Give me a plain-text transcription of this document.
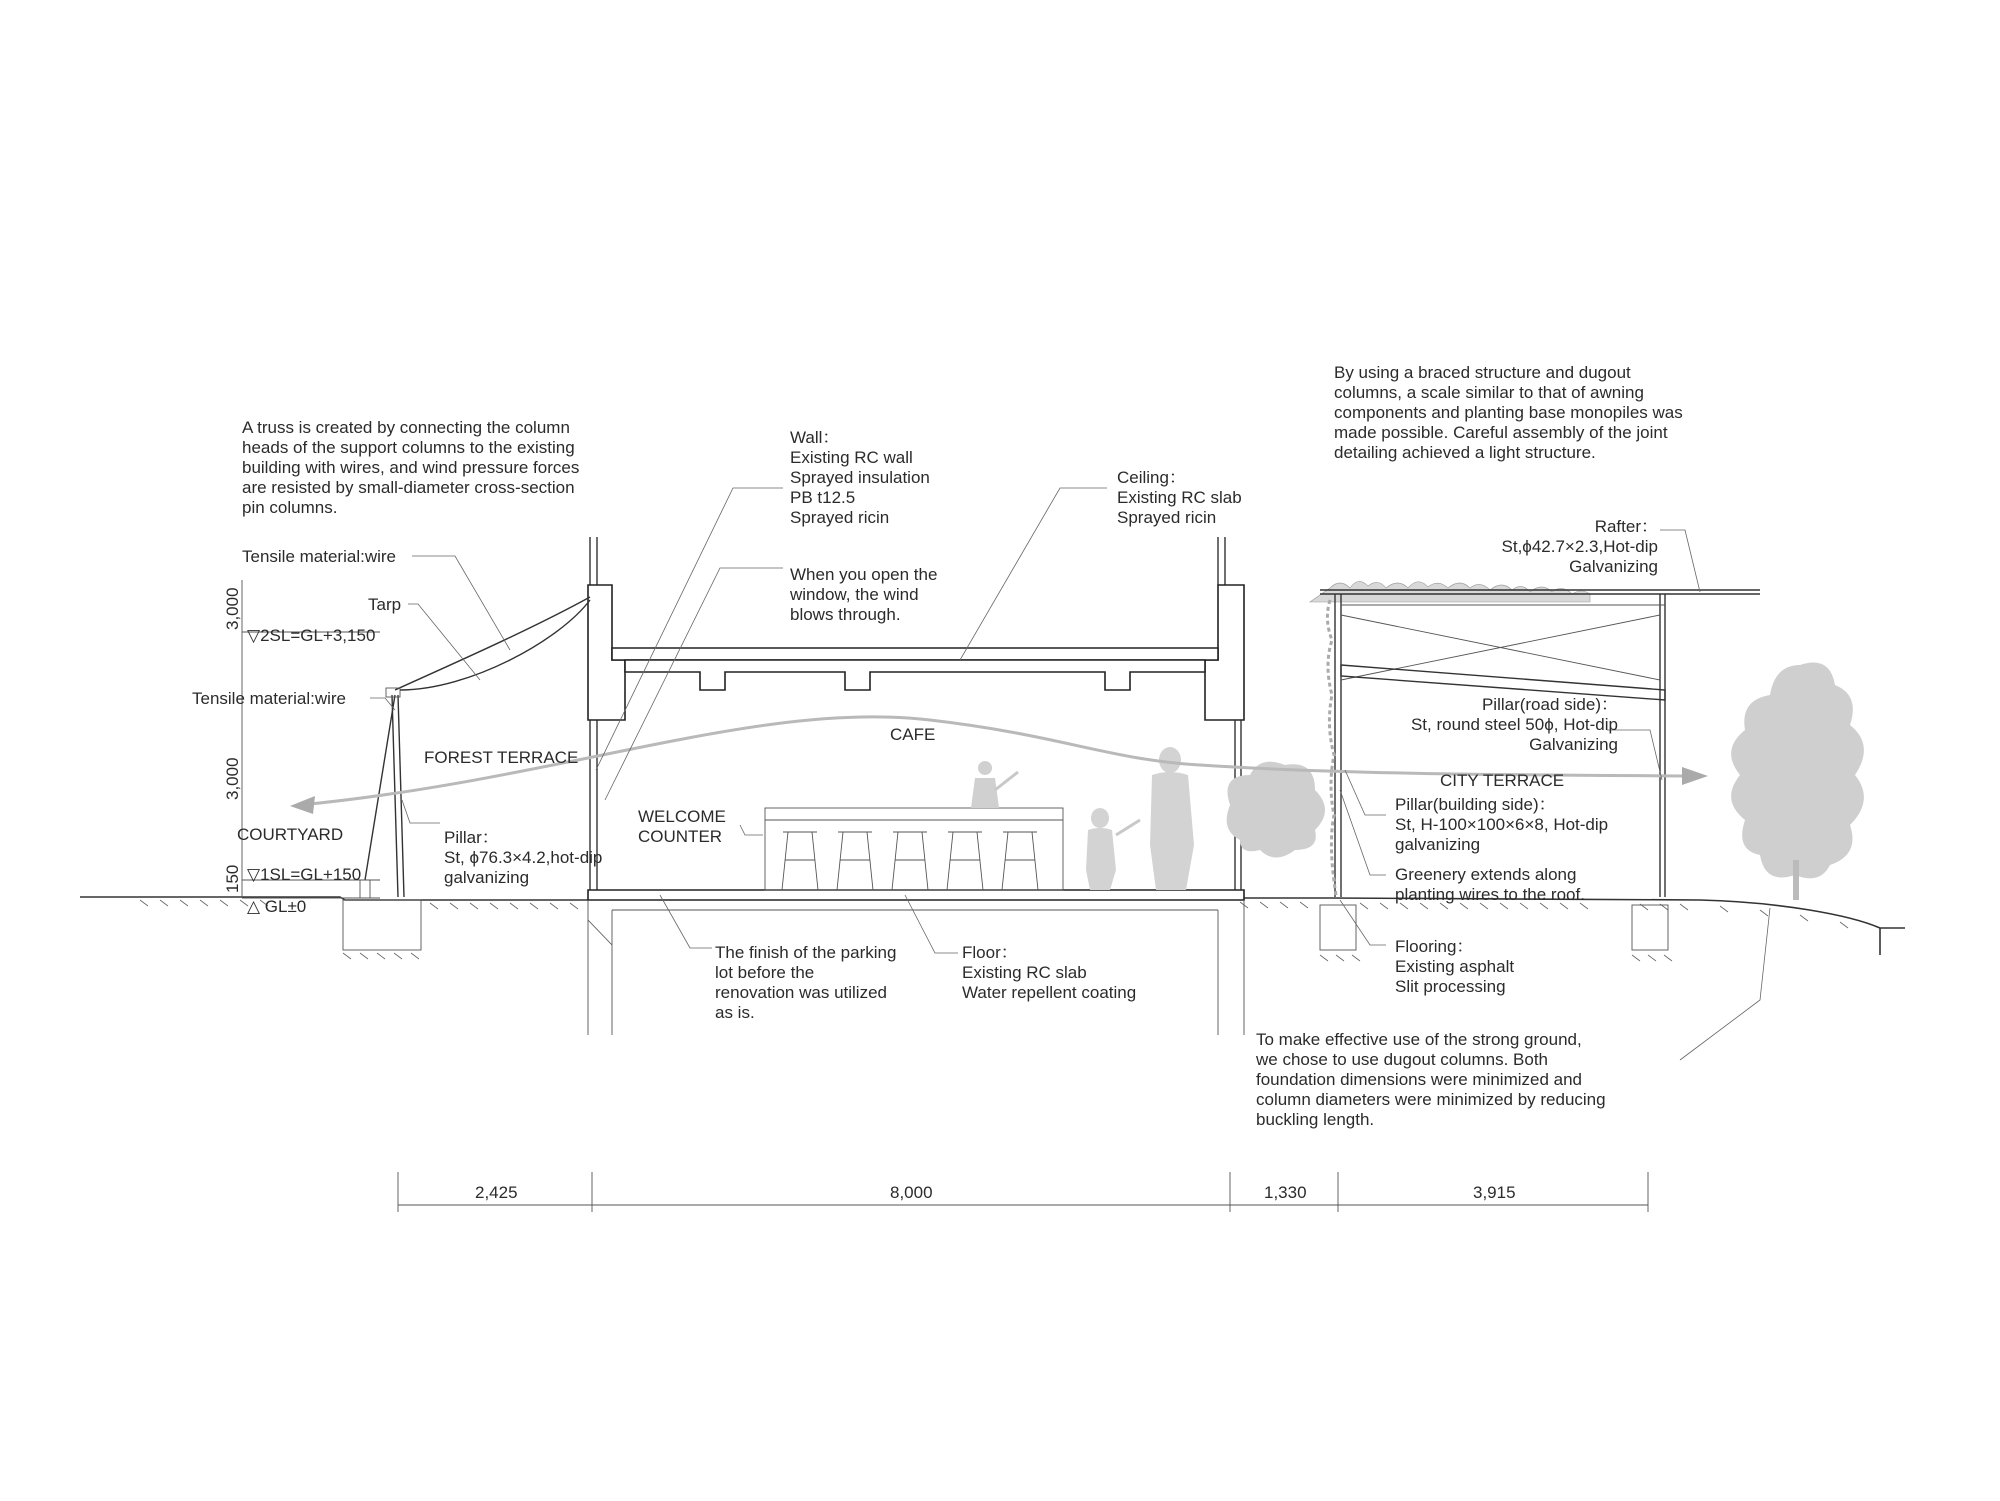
▽2SL=GL+3,150
▽1SL=GL+150
△ GL±0
3,000
3,000
150
2,425	8,000	1,330	3,915
Tensile material:wire
Tarp
Tensile material:wire
FOREST TERRACE
COURTYARD
CAFE
CITY TERRACE
A truss is created by connecting the column
heads of the support columns to the existing
building with wires, and wind pressure forces
are resisted by small-diameter cross-section
pin columns.
Wall：
Existing RC wall
Sprayed insulation
PB t12.5
Sprayed ricin
Ceiling：
Existing RC slab
Sprayed ricin
When you open the
window, the wind
blows through.
By using a braced structure and dugout
columns, a scale similar to that of awning
components and planting base monopiles was
made possible. Careful assembly of the joint
detailing achieved a light structure.
Rafter：
St,ϕ42.7×2.3,Hot-dip
Galvanizing
Pillar(road side)：
St, round steel 50ϕ, Hot-dip
Galvanizing
Pillar(building side)：
St, H-100×100×6×8, Hot-dip
galvanizing
Greenery extends along
planting wires to the roof.
Flooring：
Existing asphalt
Slit processing
To make effective use of the strong ground,
we chose to use dugout columns. Both
foundation dimensions were minimized and
column diameters were minimized by reducing
buckling length.
The finish of the parking
lot before the
renovation was utilized
as is.
Floor：
Existing RC slab
Water repellent coating
Pillar：
St, ϕ76.3×4.2,hot-dip
galvanizing
WELCOME
COUNTER
